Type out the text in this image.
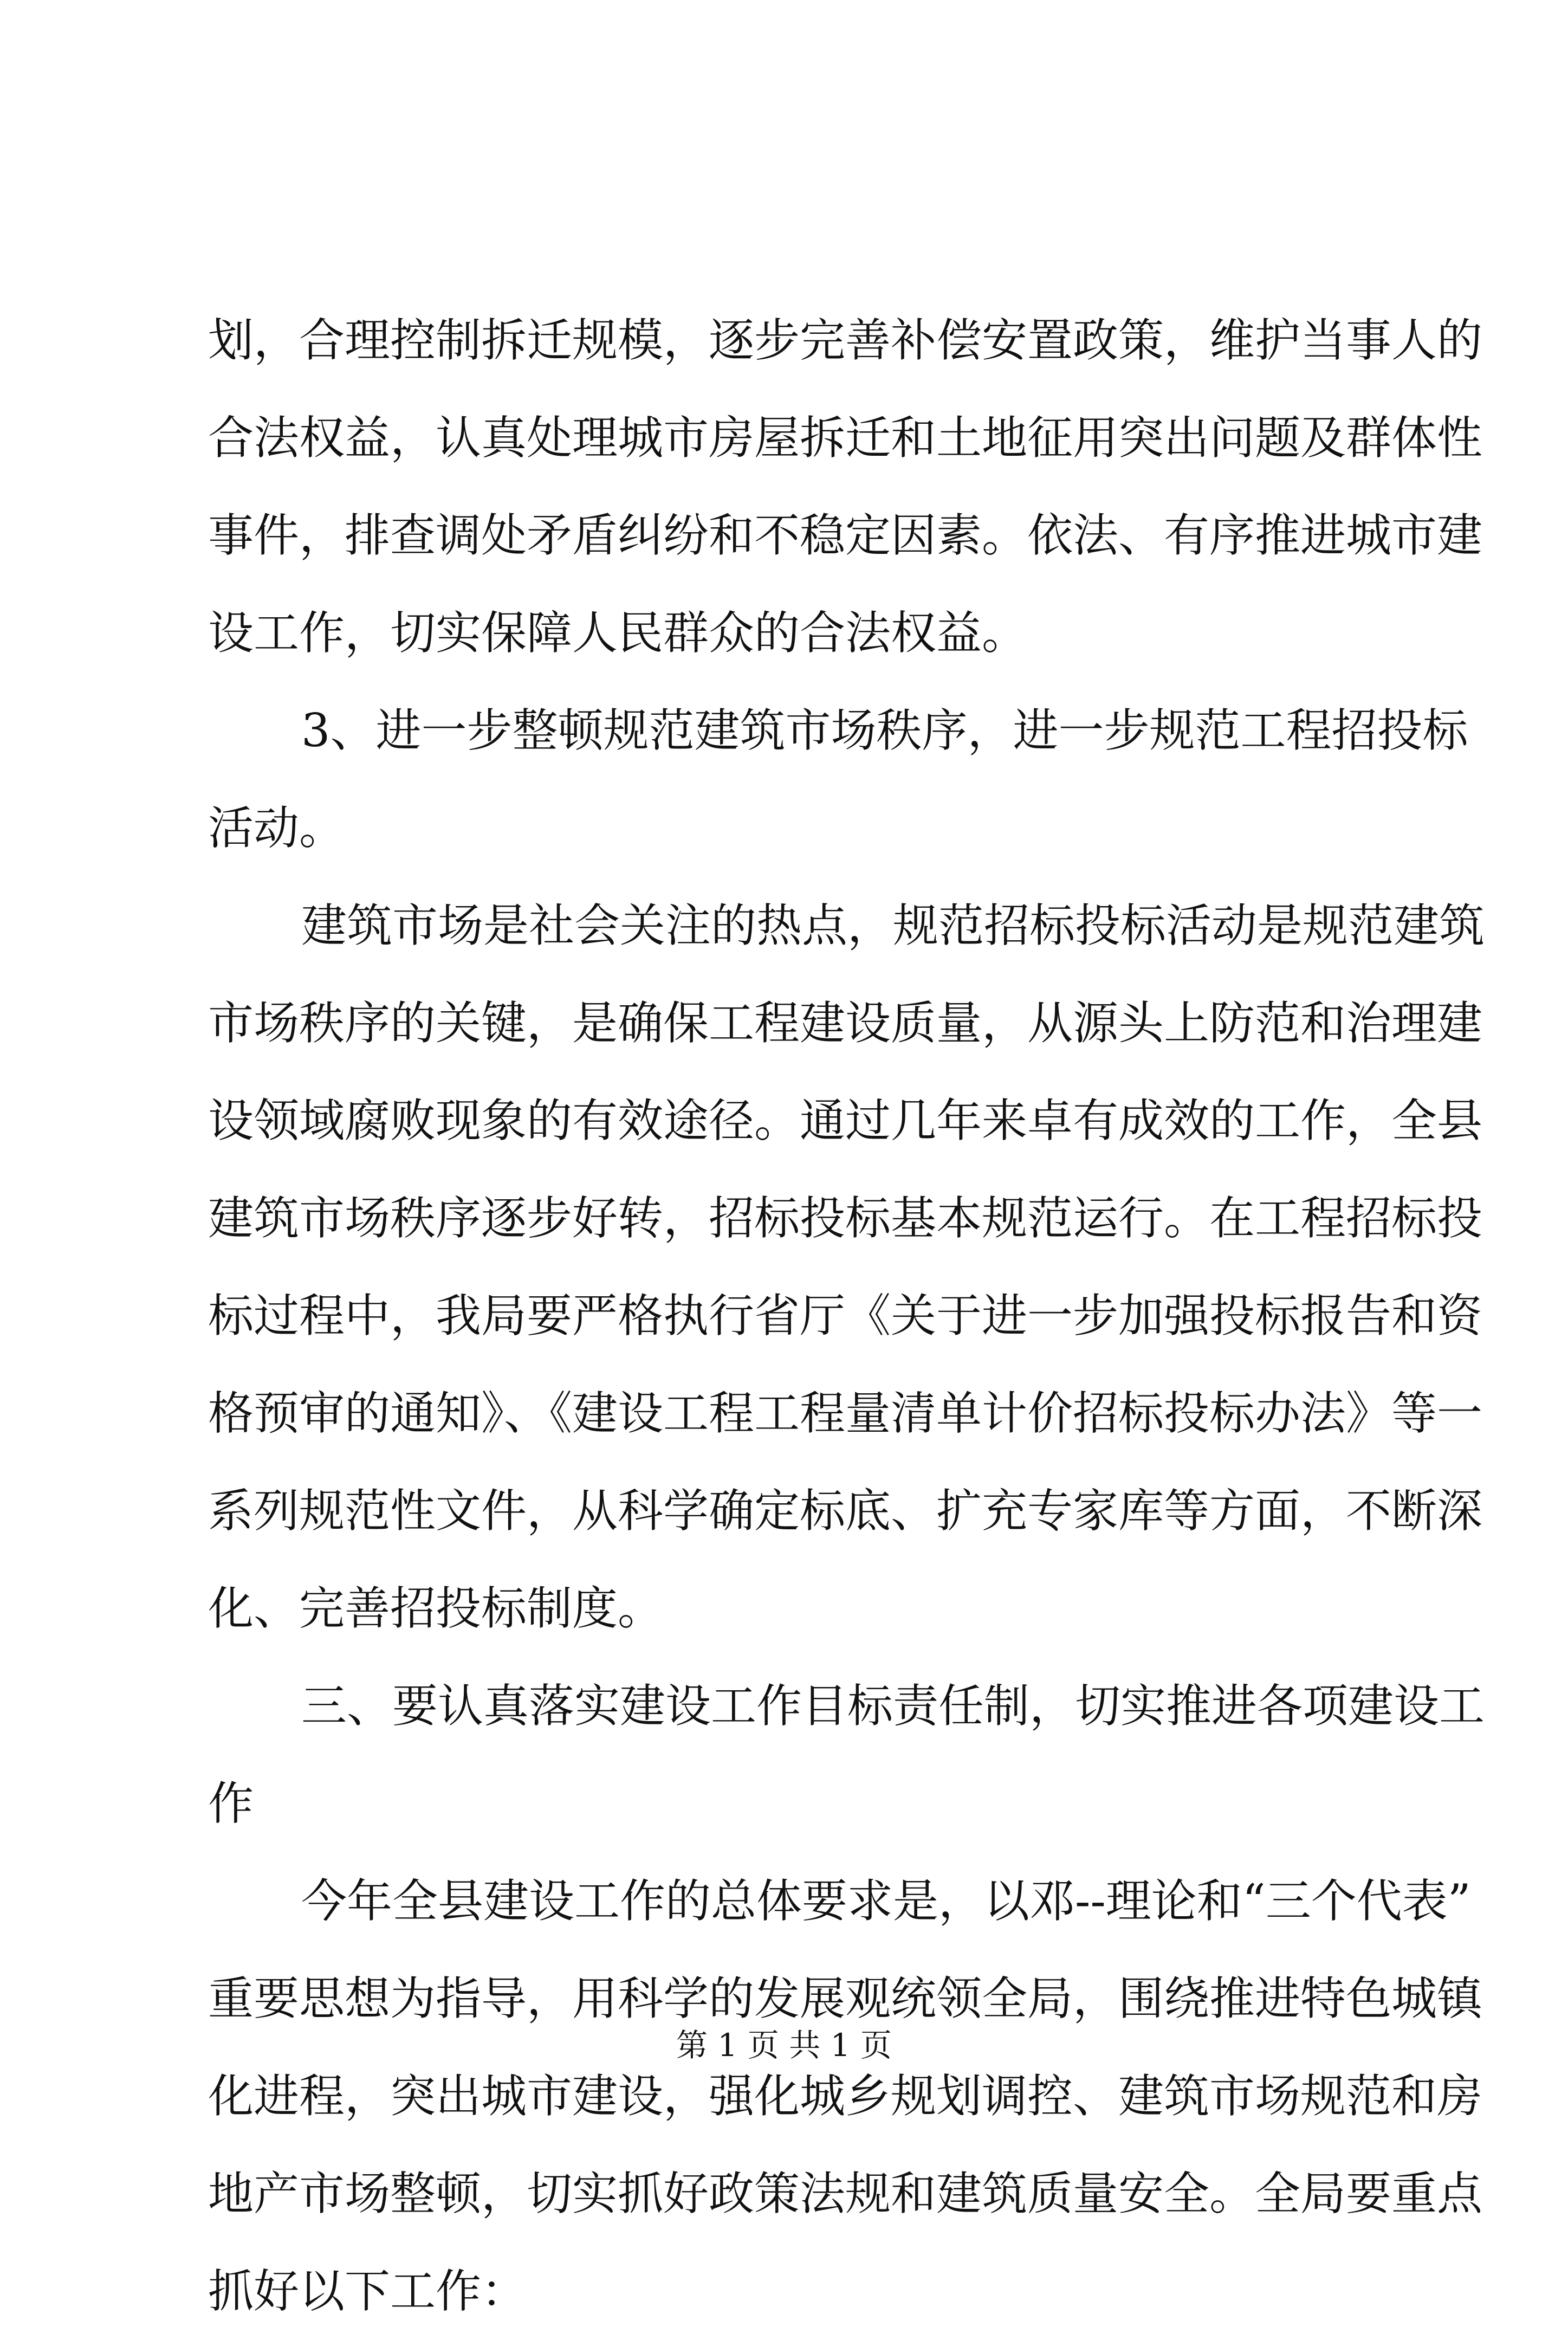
划，合理控制拆迁规模，逐步完善补偿安置政策，维护当事人的
合法权益，认真处理城市房屋拆迁和土地征用突出问题及群体性
事件，排查调处矛盾纠纷和不稳定因素。依法、有序推进城市建
设工作，切实保障人民群众的合法权益。
3、进一步整顿规范建筑市场秩序，进一步规范工程招投标
活动。
建筑市场是社会关注的热点，规范招标投标活动是规范建筑
市场秩序的关键，是确保工程建设质量，从源头上防范和治理建
设领域腐败现象的有效途径。通过几年来卓有成效的工作，全县
建筑市场秩序逐步好转，招标投标基本规范运行。在工程招标投
标过程中，我局要严格执行省厅《关于进一步加强投标报告和资
格预审的通知》、《建设工程工程量清单计价招标投标办法》等一
系列规范性文件，从科学确定标底、扩充专家库等方面，不断深
化、完善招投标制度。
三、要认真落实建设工作目标责任制，切实推进各项建设工
作
今年全县建设工作的总体要求是，以邓--理论和“三个代表”
重要思想为指导，用科学的发展观统领全局，围绕推进特色城镇
化进程，突出城市建设，强化城乡规划调控、建筑市场规范和房
地产市场整顿，切实抓好政策法规和建筑质量安全。全局要重点
抓好以下工作：
第 1 页 共 1 页
